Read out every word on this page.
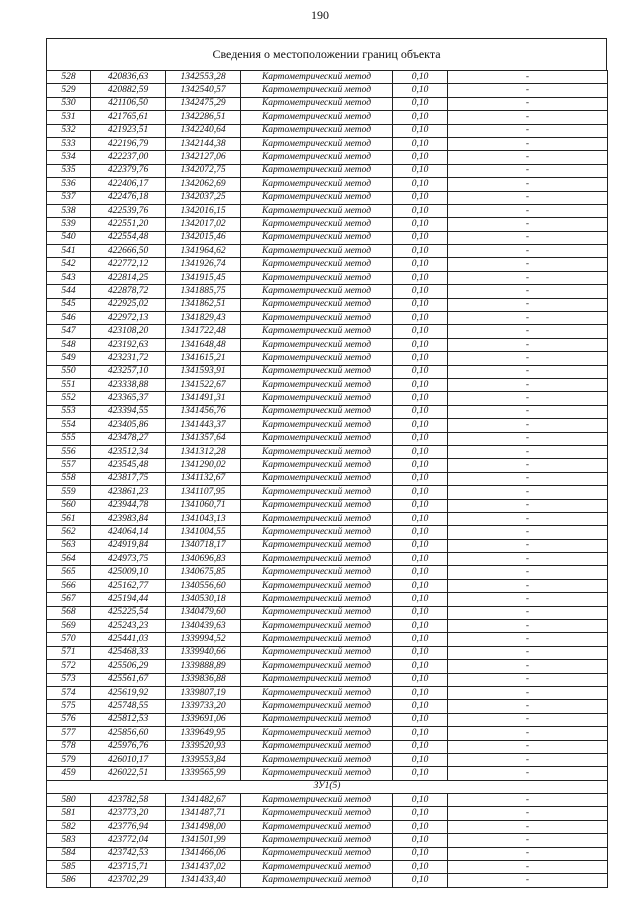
190
Сведения о местоположении границ объекта
528	420836,63	1342553,28	Картометрический метод	0,10	-
529	420882,59	1342540,57	Картометрический метод	0,10	-
530	421106,50	1342475,29	Картометрический метод	0,10	-
531	421765,61	1342286,51	Картометрический метод	0,10	-
532	421923,51	1342240,64	Картометрический метод	0,10	-
533	422196,79	1342144,38	Картометрический метод	0,10	-
534	422237,00	1342127,06	Картометрический метод	0,10	-
535	422379,76	1342072,75	Картометрический метод	0,10	-
536	422406,17	1342062,69	Картометрический метод	0,10	-
537	422476,18	1342037,25	Картометрический метод	0,10	-
538	422539,76	1342016,15	Картометрический метод	0,10	-
539	422551,20	1342017,02	Картометрический метод	0,10	-
540	422554,48	1342015,46	Картометрический метод	0,10	-
541	422666,50	1341964,62	Картометрический метод	0,10	-
542	422772,12	1341926,74	Картометрический метод	0,10	-
543	422814,25	1341915,45	Картометрический метод	0,10	-
544	422878,72	1341885,75	Картометрический метод	0,10	-
545	422925,02	1341862,51	Картометрический метод	0,10	-
546	422972,13	1341829,43	Картометрический метод	0,10	-
547	423108,20	1341722,48	Картометрический метод	0,10	-
548	423192,63	1341648,48	Картометрический метод	0,10	-
549	423231,72	1341615,21	Картометрический метод	0,10	-
550	423257,10	1341593,91	Картометрический метод	0,10	-
551	423338,88	1341522,67	Картометрический метод	0,10	-
552	423365,37	1341491,31	Картометрический метод	0,10	-
553	423394,55	1341456,76	Картометрический метод	0,10	-
554	423405,86	1341443,37	Картометрический метод	0,10	-
555	423478,27	1341357,64	Картометрический метод	0,10	-
556	423512,34	1341312,28	Картометрический метод	0,10	-
557	423545,48	1341290,02	Картометрический метод	0,10	-
558	423817,75	1341132,67	Картометрический метод	0,10	-
559	423861,23	1341107,95	Картометрический метод	0,10	-
560	423944,78	1341060,71	Картометрический метод	0,10	-
561	423983,84	1341043,13	Картометрический метод	0,10	-
562	424064,14	1341004,55	Картометрический метод	0,10	-
563	424919,84	1340718,17	Картометрический метод	0,10	-
564	424973,75	1340696,83	Картометрический метод	0,10	-
565	425009,10	1340675,85	Картометрический метод	0,10	-
566	425162,77	1340556,60	Картометрический метод	0,10	-
567	425194,44	1340530,18	Картометрический метод	0,10	-
568	425225,54	1340479,60	Картометрический метод	0,10	-
569	425243,23	1340439,63	Картометрический метод	0,10	-
570	425441,03	1339994,52	Картометрический метод	0,10	-
571	425468,33	1339940,66	Картометрический метод	0,10	-
572	425506,29	1339888,89	Картометрический метод	0,10	-
573	425561,67	1339836,88	Картометрический метод	0,10	-
574	425619,92	1339807,19	Картометрический метод	0,10	-
575	425748,55	1339733,20	Картометрический метод	0,10	-
576	425812,53	1339691,06	Картометрический метод	0,10	-
577	425856,60	1339649,95	Картометрический метод	0,10	-
578	425976,76	1339520,93	Картометрический метод	0,10	-
579	426010,17	1339553,84	Картометрический метод	0,10	-
459	426022,51	1339565,99	Картометрический метод	0,10	-
ЗУ1(5)					
580	423782,58	1341482,67	Картометрический метод	0,10	-
581	423773,20	1341487,71	Картометрический метод	0,10	-
582	423776,94	1341498,00	Картометрический метод	0,10	-
583	423772,04	1341501,99	Картометрический метод	0,10	-
584	423742,53	1341466,06	Картометрический метод	0,10	-
585	423715,71	1341437,02	Картометрический метод	0,10	-
586	423702,29	1341433,40	Картометрический метод	0,10	-
